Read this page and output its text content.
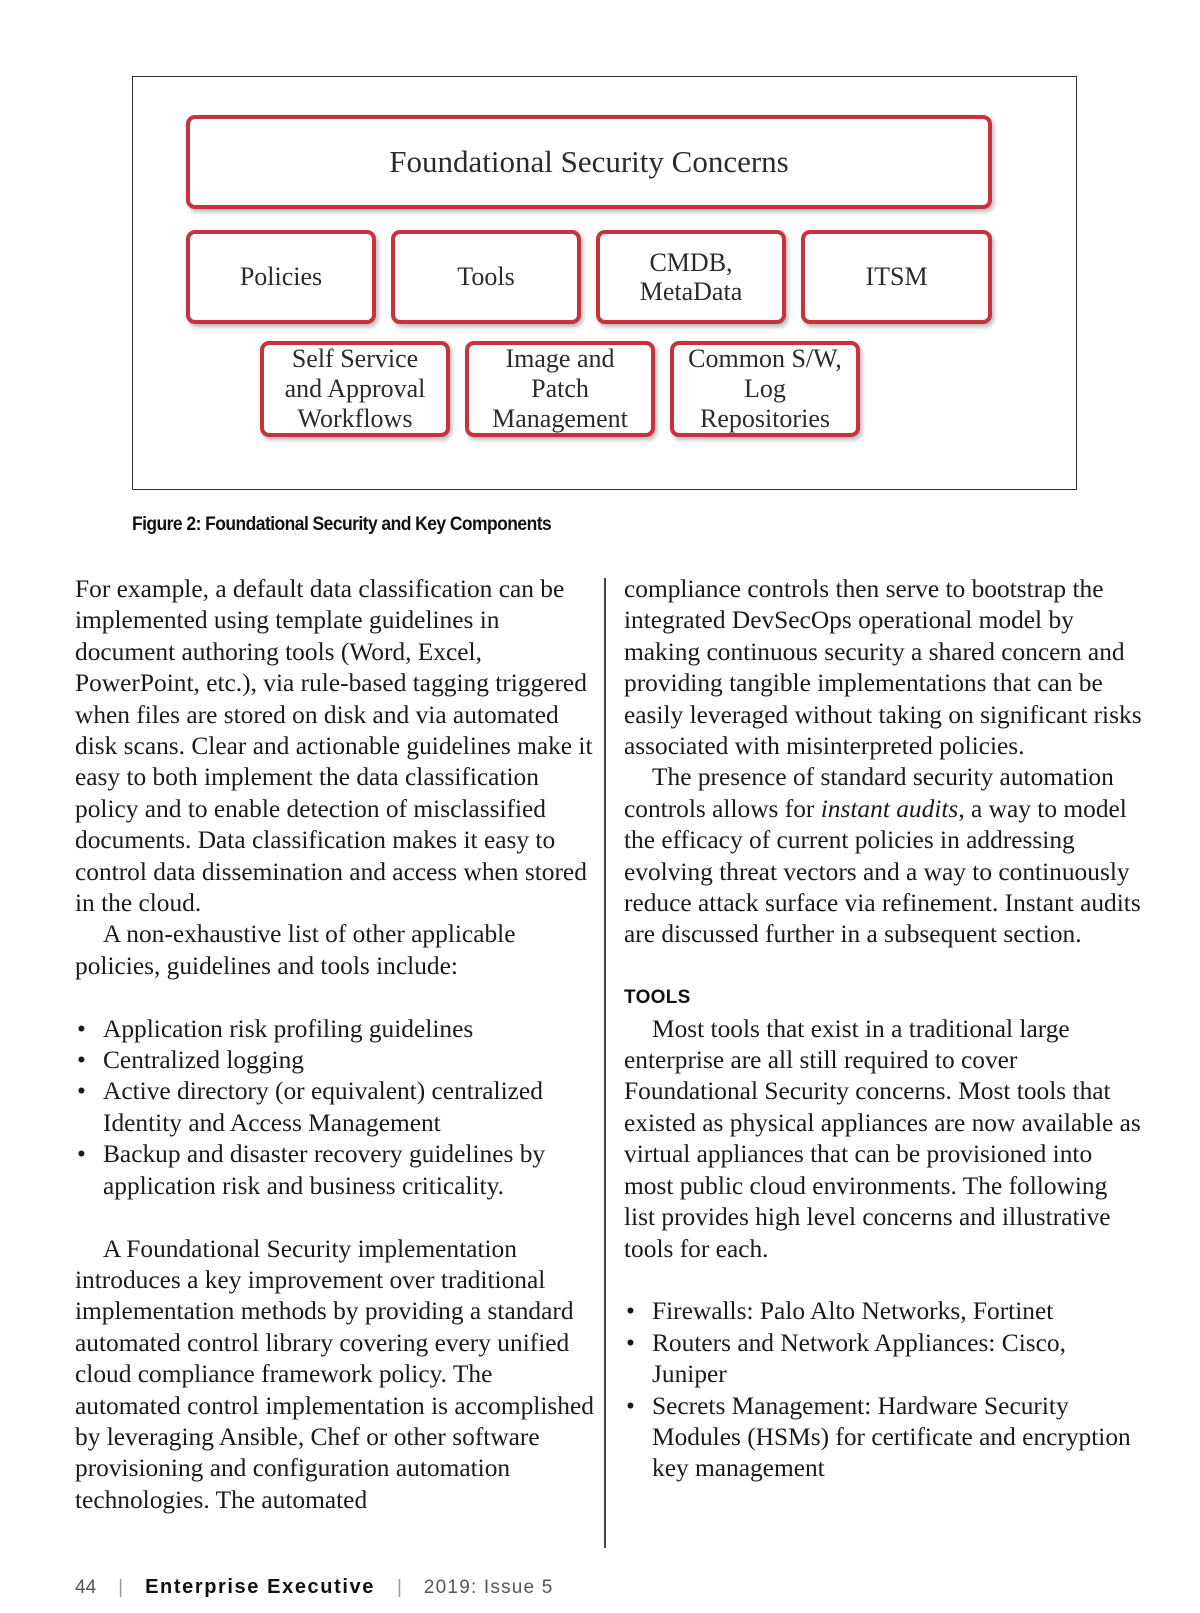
Foundational Security Concerns
Policies	Tools
CMDB,
MetaData
ITSM
Self Service
and Approval
Workflows
Image and
Patch
Management
Common S/W,
Log
Repositories
Figure 2: Foundational Security and Key Components

For example, a default data classification can be implemented using template guidelines in document authoring tools (Word, Excel, PowerPoint, etc.), via rule-based tagging triggered when files are stored on disk and via automated disk scans. Clear and actionable guidelines make it easy to both implement the data classification policy and to enable detection of misclassified documents. Data classification makes it easy to control data dissemination and access when stored in the cloud.

A non-exhaustive list of other applicable policies, guidelines and tools include:

• Application risk profiling guidelines
• Centralized logging
• Active directory (or equivalent) centralized Identity and Access Management
• Backup and disaster recovery guidelines by application risk and business criticality.

A Foundational Security implementation introduces a key improvement over traditional implementation methods by providing a standard automated control library covering every unified cloud compliance framework policy. The automated control implementation is accomplished by leveraging Ansible, Chef or other software provisioning and configuration automation technologies. The automated

compliance controls then serve to bootstrap the integrated DevSecOps operational model by making continuous security a shared concern and providing tangible implementations that can be easily leveraged without taking on significant risks associated with misinterpreted policies.

The presence of standard security automation controls allows for instant audits, a way to model the efficacy of current policies in addressing evolving threat vectors and a way to continuously reduce attack surface via refinement. Instant audits are discussed further in a subsequent section.

TOOLS

Most tools that exist in a traditional large enterprise are all still required to cover Foundational Security concerns. Most tools that existed as physical appliances are now available as virtual appliances that can be provisioned into most public cloud environments. The following list provides high level concerns and illustrative tools for each.

• Firewalls: Palo Alto Networks, Fortinet
• Routers and Network Appliances: Cisco, Juniper
• Secrets Management: Hardware Security Modules (HSMs) for certificate and encryption key management
44 | Enterprise Executive | 2019: Issue 5
